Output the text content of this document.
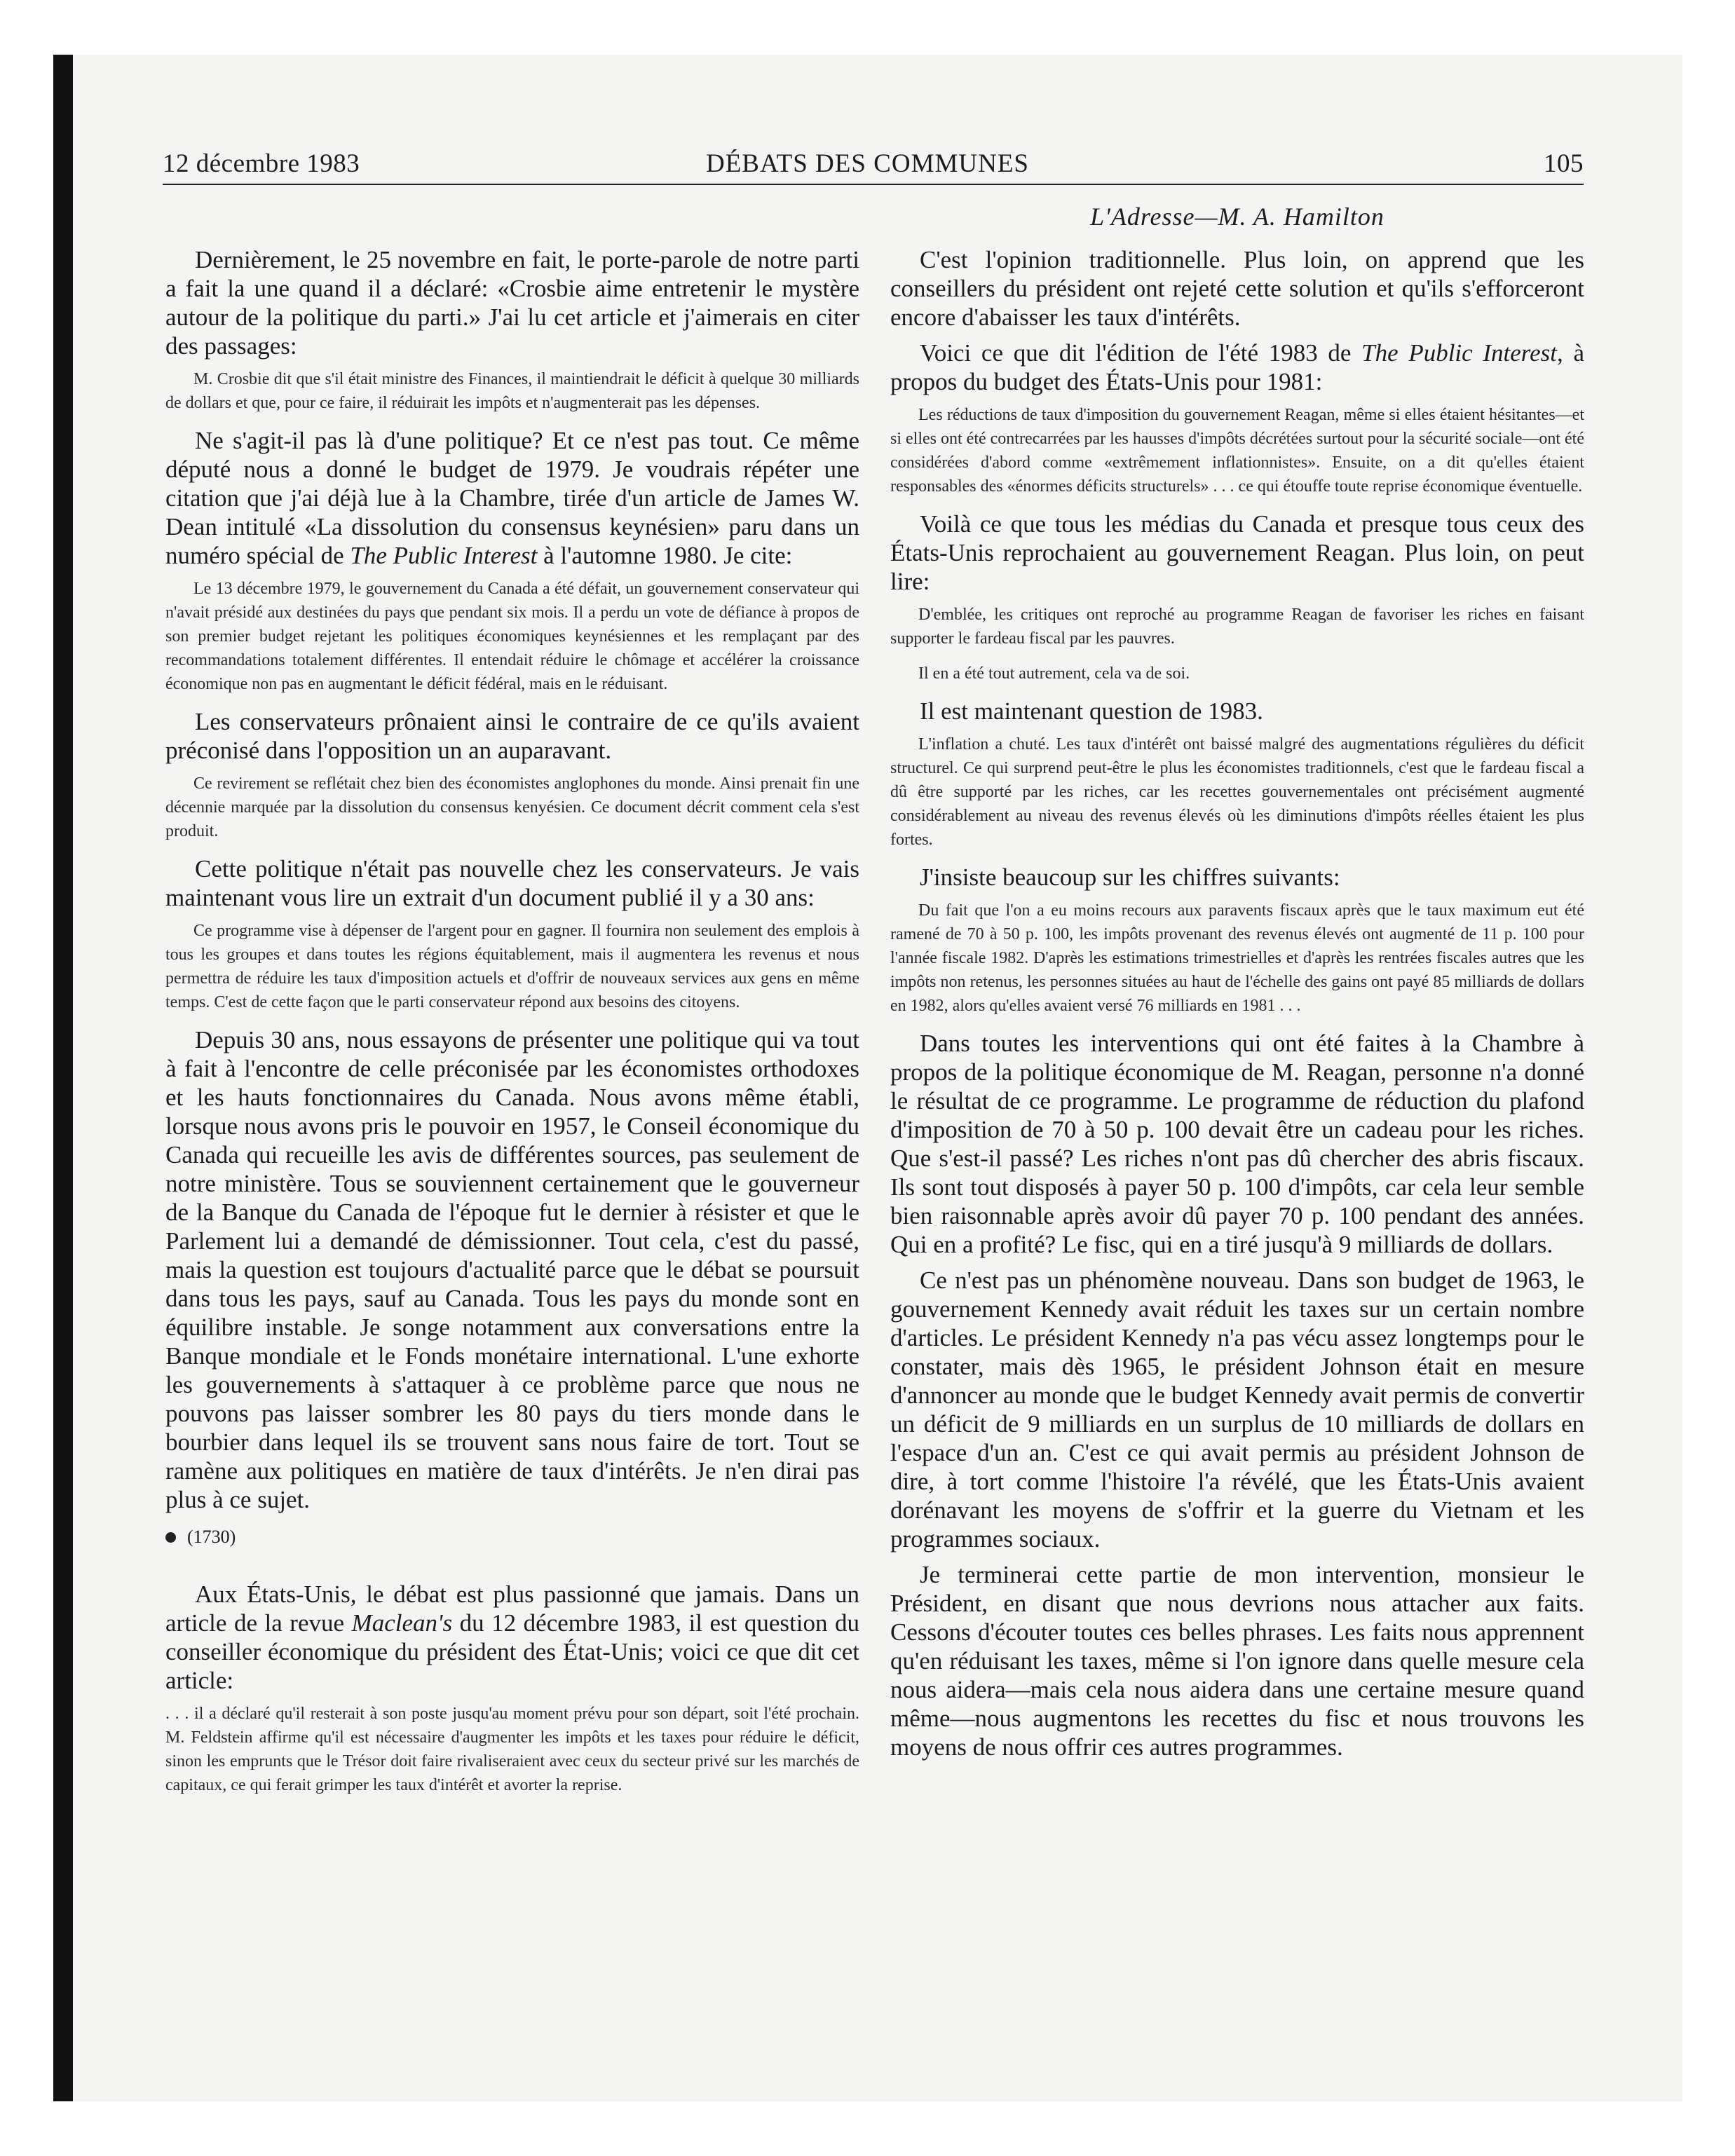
12 décembre 1983	DÉBATS DES COMMUNES	105
L'Adresse—M. A. Hamilton

Dernièrement, le 25 novembre en fait, le porte-parole de notre parti a fait la une quand il a déclaré: «Crosbie aime entretenir le mystère autour de la politique du parti.» J'ai lu cet article et j'aimerais en citer des passages:

M. Crosbie dit que s'il était ministre des Finances, il maintiendrait le déficit à quelque 30 milliards de dollars et que, pour ce faire, il réduirait les impôts et n'augmenterait pas les dépenses.

Ne s'agit-il pas là d'une politique? Et ce n'est pas tout. Ce même député nous a donné le budget de 1979. Je voudrais répéter une citation que j'ai déjà lue à la Chambre, tirée d'un article de James W. Dean intitulé «La dissolution du consensus keynésien» paru dans un numéro spécial de The Public Interest à l'automne 1980. Je cite:

Le 13 décembre 1979, le gouvernement du Canada a été défait, un gouvernement conservateur qui n'avait présidé aux destinées du pays que pendant six mois. Il a perdu un vote de défiance à propos de son premier budget rejetant les politiques économiques keynésiennes et les remplaçant par des recommandations totalement différentes. Il entendait réduire le chômage et accélérer la croissance économique non pas en augmentant le déficit fédéral, mais en le réduisant.

Les conservateurs prônaient ainsi le contraire de ce qu'ils avaient préconisé dans l'opposition un an auparavant.

Ce revirement se reflétait chez bien des économistes anglophones du monde. Ainsi prenait fin une décennie marquée par la dissolution du consensus kenyésien. Ce document décrit comment cela s'est produit.

Cette politique n'était pas nouvelle chez les conservateurs. Je vais maintenant vous lire un extrait d'un document publié il y a 30 ans:

Ce programme vise à dépenser de l'argent pour en gagner. Il fournira non seulement des emplois à tous les groupes et dans toutes les régions équitablement, mais il augmentera les revenus et nous permettra de réduire les taux d'imposition actuels et d'offrir de nouveaux services aux gens en même temps. C'est de cette façon que le parti conservateur répond aux besoins des citoyens.

Depuis 30 ans, nous essayons de présenter une politique qui va tout à fait à l'encontre de celle préconisée par les économistes orthodoxes et les hauts fonctionnaires du Canada. Nous avons même établi, lorsque nous avons pris le pouvoir en 1957, le Conseil économique du Canada qui recueille les avis de différentes sources, pas seulement de notre ministère. Tous se souviennent certainement que le gouverneur de la Banque du Canada de l'époque fut le dernier à résister et que le Parlement lui a demandé de démissionner. Tout cela, c'est du passé, mais la question est toujours d'actualité parce que le débat se poursuit dans tous les pays, sauf au Canada. Tous les pays du monde sont en équilibre instable. Je songe notamment aux conversations entre la Banque mondiale et le Fonds monétaire international. L'une exhorte les gouvernements à s'attaquer à ce problème parce que nous ne pouvons pas laisser sombrer les 80 pays du tiers monde dans le bourbier dans lequel ils se trouvent sans nous faire de tort. Tout se ramène aux politiques en matière de taux d'intérêts. Je n'en dirai pas plus à ce sujet.

(1730)

Aux États-Unis, le débat est plus passionné que jamais. Dans un article de la revue Maclean's du 12 décembre 1983, il est question du conseiller économique du président des État-Unis; voici ce que dit cet article:

. . . il a déclaré qu'il resterait à son poste jusqu'au moment prévu pour son départ, soit l'été prochain. M. Feldstein affirme qu'il est nécessaire d'augmenter les impôts et les taxes pour réduire le déficit, sinon les emprunts que le Trésor doit faire rivaliseraient avec ceux du secteur privé sur les marchés de capitaux, ce qui ferait grimper les taux d'intérêt et avorter la reprise.

C'est l'opinion traditionnelle. Plus loin, on apprend que les conseillers du président ont rejeté cette solution et qu'ils s'efforceront encore d'abaisser les taux d'intérêts.

Voici ce que dit l'édition de l'été 1983 de The Public Interest, à propos du budget des États-Unis pour 1981:

Les réductions de taux d'imposition du gouvernement Reagan, même si elles étaient hésitantes—et si elles ont été contrecarrées par les hausses d'impôts décrétées surtout pour la sécurité sociale—ont été considérées d'abord comme «extrêmement inflationnistes». Ensuite, on a dit qu'elles étaient responsables des «énormes déficits structurels» . . . ce qui étouffe toute reprise économique éventuelle.

Voilà ce que tous les médias du Canada et presque tous ceux des États-Unis reprochaient au gouvernement Reagan. Plus loin, on peut lire:

D'emblée, les critiques ont reproché au programme Reagan de favoriser les riches en faisant supporter le fardeau fiscal par les pauvres.

Il en a été tout autrement, cela va de soi.

Il est maintenant question de 1983.

L'inflation a chuté. Les taux d'intérêt ont baissé malgré des augmentations régulières du déficit structurel. Ce qui surprend peut-être le plus les économistes traditionnels, c'est que le fardeau fiscal a dû être supporté par les riches, car les recettes gouvernementales ont précisément augmenté considérablement au niveau des revenus élevés où les diminutions d'impôts réelles étaient les plus fortes.

J'insiste beaucoup sur les chiffres suivants:

Du fait que l'on a eu moins recours aux paravents fiscaux après que le taux maximum eut été ramené de 70 à 50 p. 100, les impôts provenant des revenus élevés ont augmenté de 11 p. 100 pour l'année fiscale 1982. D'après les estimations trimestrielles et d'après les rentrées fiscales autres que les impôts non retenus, les personnes situées au haut de l'échelle des gains ont payé 85 milliards de dollars en 1982, alors qu'elles avaient versé 76 milliards en 1981 . . .

Dans toutes les interventions qui ont été faites à la Chambre à propos de la politique économique de M. Reagan, personne n'a donné le résultat de ce programme. Le programme de réduction du plafond d'imposition de 70 à 50 p. 100 devait être un cadeau pour les riches. Que s'est-il passé? Les riches n'ont pas dû chercher des abris fiscaux. Ils sont tout disposés à payer 50 p. 100 d'impôts, car cela leur semble bien raisonnable après avoir dû payer 70 p. 100 pendant des années. Qui en a profité? Le fisc, qui en a tiré jusqu'à 9 milliards de dollars.

Ce n'est pas un phénomène nouveau. Dans son budget de 1963, le gouvernement Kennedy avait réduit les taxes sur un certain nombre d'articles. Le président Kennedy n'a pas vécu assez longtemps pour le constater, mais dès 1965, le président Johnson était en mesure d'annoncer au monde que le budget Kennedy avait permis de convertir un déficit de 9 milliards en un surplus de 10 milliards de dollars en l'espace d'un an. C'est ce qui avait permis au président Johnson de dire, à tort comme l'histoire l'a révélé, que les États-Unis avaient dorénavant les moyens de s'offrir et la guerre du Vietnam et les programmes sociaux.

Je terminerai cette partie de mon intervention, monsieur le Président, en disant que nous devrions nous attacher aux faits. Cessons d'écouter toutes ces belles phrases. Les faits nous apprennent qu'en réduisant les taxes, même si l'on ignore dans quelle mesure cela nous aidera—mais cela nous aidera dans une certaine mesure quand même—nous augmentons les recettes du fisc et nous trouvons les moyens de nous offrir ces autres programmes.
